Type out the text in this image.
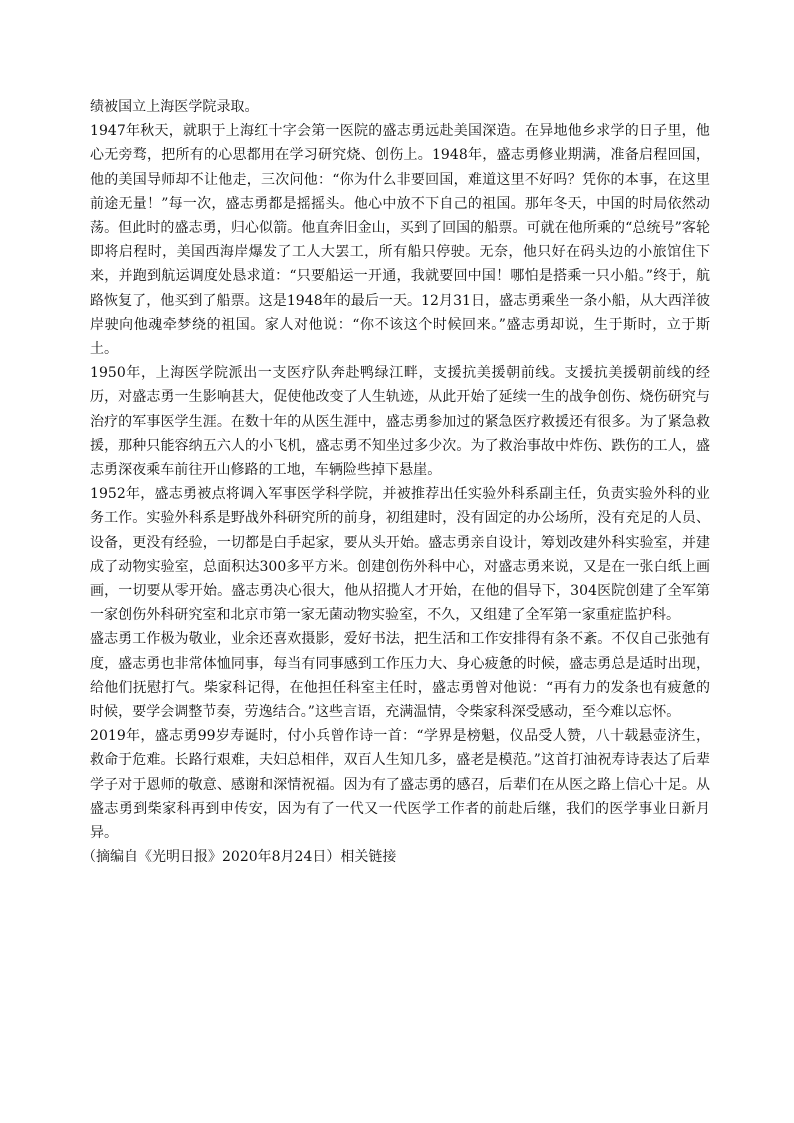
绩被国立上海医学院录取。

1947年秋天，就职于上海红十字会第一医院的盛志勇远赴美国深造。在异地他乡求学的日子里，他心无旁骛，把所有的心思都用在学习研究烧、创伤上。1948年，盛志勇修业期满，准备启程回国，他的美国导师却不让他走，三次问他：“你为什么非要回国，难道这里不好吗？凭你的本事，在这里前途无量！”每一次，盛志勇都是摇摇头。他心中放不下自己的祖国。那年冬天，中国的时局依然动荡。但此时的盛志勇，归心似箭。他直奔旧金山，买到了回国的船票。可就在他所乘的“总统号”客轮即将启程时，美国西海岸爆发了工人大罢工，所有船只停驶。无奈，他只好在码头边的小旅馆住下来，并跑到航运调度处恳求道：“只要船运一开通，我就要回中国！哪怕是搭乘一只小船。”终于，航路恢复了，他买到了船票。这是1948年的最后一天。12月31日，盛志勇乘坐一条小船，从大西洋彼岸驶向他魂牵梦绕的祖国。家人对他说：“你不该这个时候回来。”盛志勇却说，生于斯时，立于斯土。

1950年，上海医学院派出一支医疗队奔赴鸭绿江畔，支援抗美援朝前线。支援抗美援朝前线的经历，对盛志勇一生影响甚大，促使他改变了人生轨迹，从此开始了延续一生的战争创伤、烧伤研究与治疗的军事医学生涯。在数十年的从医生涯中，盛志勇参加过的紧急医疗救援还有很多。为了紧急救援，那种只能容纳五六人的小飞机，盛志勇不知坐过多少次。为了救治事故中炸伤、跌伤的工人，盛志勇深夜乘车前往开山修路的工地，车辆险些掉下悬崖。

1952年，盛志勇被点将调入军事医学科学院，并被推荐出任实验外科系副主任，负责实验外科的业务工作。实验外科系是野战外科研究所的前身，初组建时，没有固定的办公场所，没有充足的人员、设备，更没有经验，一切都是白手起家，要从头开始。盛志勇亲自设计，筹划改建外科实验室，并建成了动物实验室，总面积达300多平方米。创建创伤外科中心，对盛志勇来说，又是在一张白纸上画画，一切要从零开始。盛志勇决心很大，他从招揽人才开始，在他的倡导下，304医院创建了全军第一家创伤外科研究室和北京市第一家无菌动物实验室，不久，又组建了全军第一家重症监护科。

盛志勇工作极为敬业，业余还喜欢摄影，爱好书法，把生活和工作安排得有条不紊。不仅自己张弛有度，盛志勇也非常体恤同事，每当有同事感到工作压力大、身心疲惫的时候，盛志勇总是适时出现，给他们抚慰打气。柴家科记得，在他担任科室主任时，盛志勇曾对他说：“再有力的发条也有疲惫的时候，要学会调整节奏，劳逸结合。”这些言语，充满温情，令柴家科深受感动，至今难以忘怀。

2019年，盛志勇99岁寿诞时，付小兵曾作诗一首：“学界是榜魁，仪品受人赞，八十载悬壶济生，救命于危难。长路行艰难，夫妇总相伴，双百人生知几多，盛老是模范。”这首打油祝寿诗表达了后辈学子对于恩师的敬意、感谢和深情祝福。因为有了盛志勇的感召，后辈们在从医之路上信心十足。从盛志勇到柴家科再到申传安，因为有了一代又一代医学工作者的前赴后继，我们的医学事业日新月异。

（摘编自《光明日报》2020年8月24日）相关链接
